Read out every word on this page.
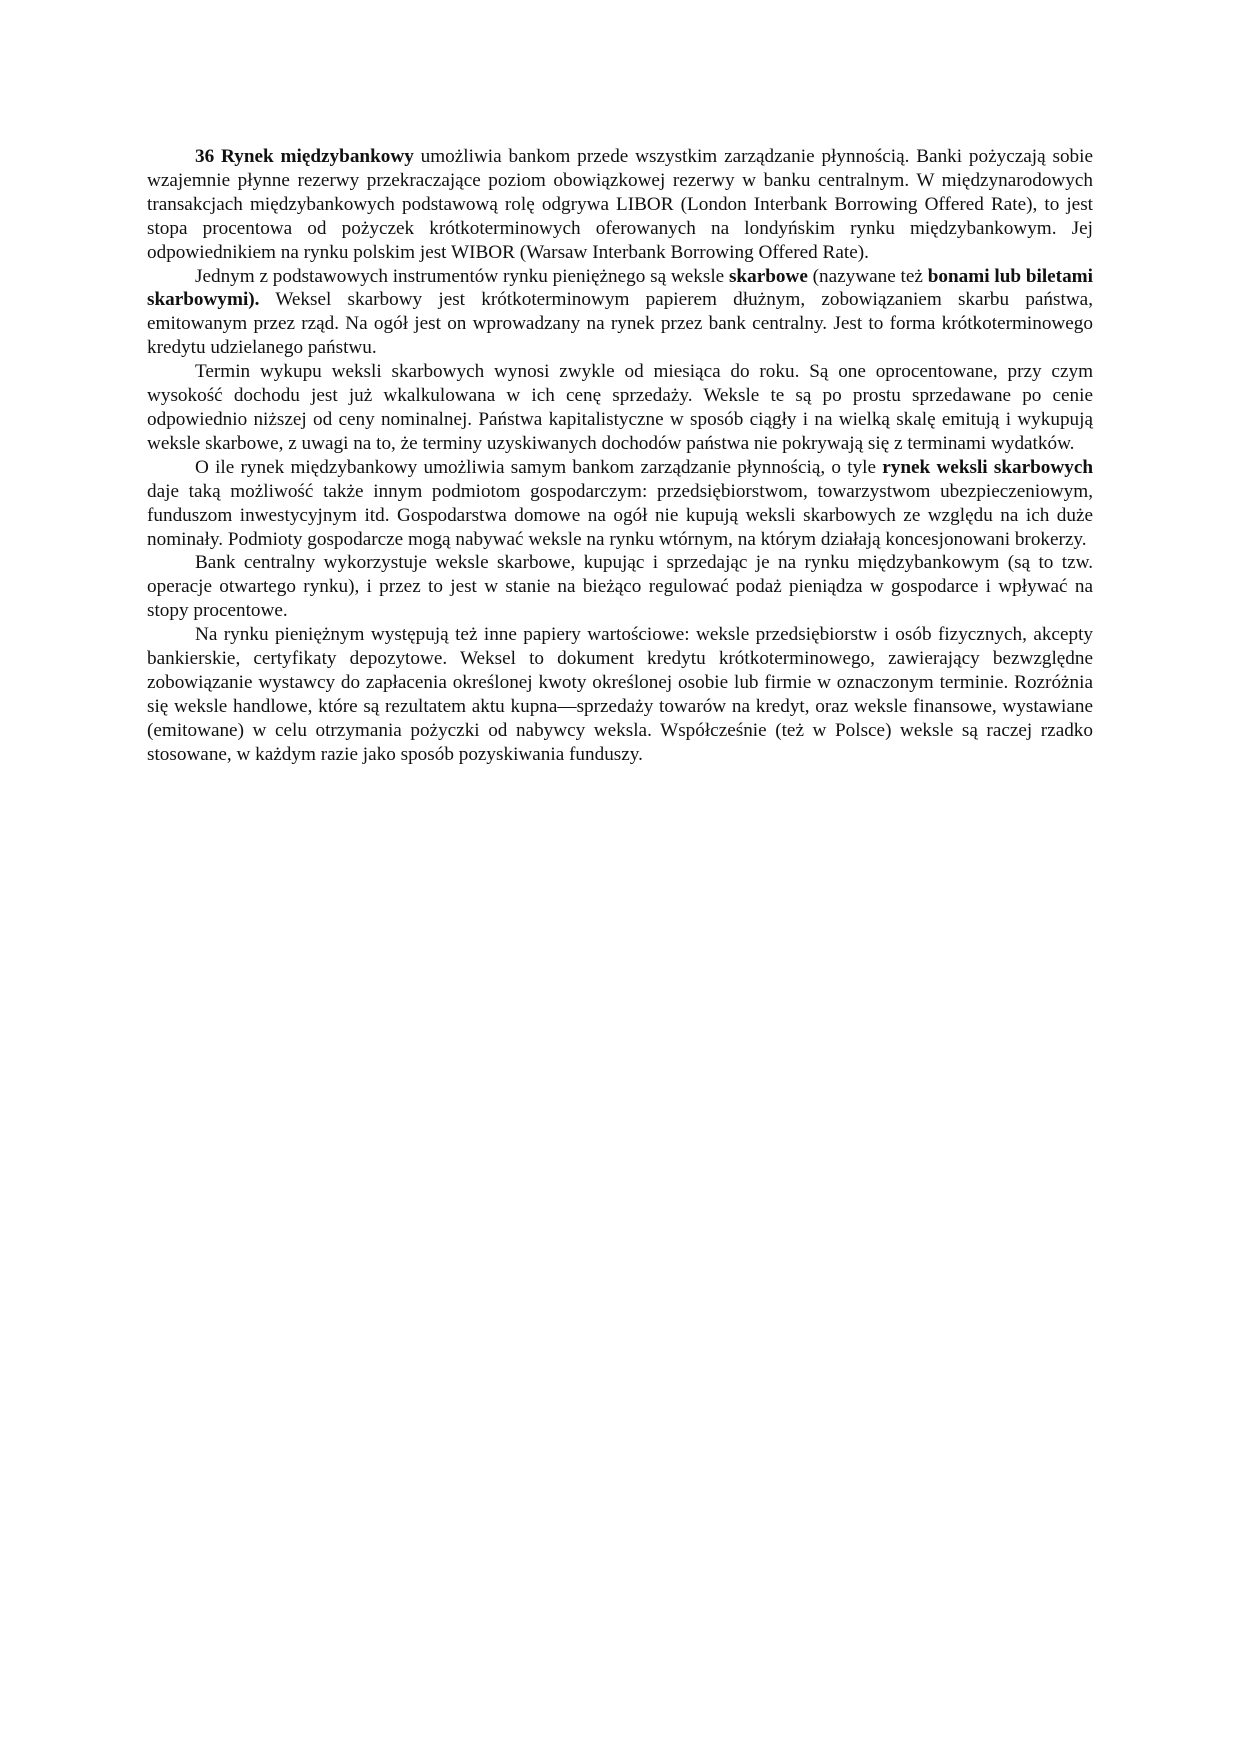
36 Rynek międzybankowy umożliwia bankom przede wszystkim zarządzanie płynnością. Banki pożyczają sobie wzajemnie płynne rezerwy przekraczające poziom obowiązkowej rezerwy w banku centralnym. W międzynarodowych transakcjach międzybankowych podstawową rolę odgrywa LIBOR (London Interbank Borrowing Offered Rate), to jest stopa procentowa od pożyczek krótkoterminowych oferowanych na londyńskim rynku międzybankowym. Jej odpowiednikiem na rynku polskim jest WIBOR (Warsaw Interbank Borrowing Offered Rate).

Jednym z podstawowych instrumentów rynku pieniężnego są weksle skarbowe (nazywane też bonami lub biletami skarbowymi). Weksel skarbowy jest krótkoterminowym papierem dłużnym, zobowiązaniem skarbu państwa, emitowanym przez rząd. Na ogół jest on wprowadzany na rynek przez bank centralny. Jest to forma krótkoterminowego kredytu udzielanego państwu.

Termin wykupu weksli skarbowych wynosi zwykle od miesiąca do roku. Są one oprocentowane, przy czym wysokość dochodu jest już wkalkulowana w ich cenę sprzedaży. Weksle te są po prostu sprzedawane po cenie odpowiednio niższej od ceny nominalnej. Państwa kapitalistyczne w sposób ciągły i na wielką skalę emitują i wykupują weksle skarbowe, z uwagi na to, że terminy uzyskiwanych dochodów państwa nie pokrywają się z terminami wydatków.

O ile rynek międzybankowy umożliwia samym bankom zarządzanie płynnością, o tyle rynek weksli skarbowych daje taką możliwość także innym podmiotom gospodarczym: przedsiębiorstwom, towarzystwom ubezpieczeniowym, funduszom inwestycyjnym itd. Gospodarstwa domowe na ogół nie kupują weksli skarbowych ze względu na ich duże nominały. Podmioty gospodarcze mogą nabywać weksle na rynku wtórnym, na którym działają koncesjonowani brokerzy.

Bank centralny wykorzystuje weksle skarbowe, kupując i sprzedając je na rynku międzybankowym (są to tzw. operacje otwartego rynku), i przez to jest w stanie na bieżąco regulować podaż pieniądza w gospodarce i wpływać na stopy procentowe.

Na rynku pieniężnym występują też inne papiery wartościowe: weksle przedsiębiorstw i osób fizycznych, akcepty bankierskie, certyfikaty depozytowe. Weksel to dokument kredytu krótkoterminowego, zawierający bezwzględne zobowiązanie wystawcy do zapłacenia określonej kwoty określonej osobie lub firmie w oznaczonym terminie. Rozróżnia się weksle handlowe, które są rezultatem aktu kupna—sprzedaży towarów na kredyt, oraz weksle finansowe, wystawiane (emitowane) w celu otrzymania pożyczki od nabywcy weksla. Współcześnie (też w Polsce) weksle są raczej rzadko stosowane, w każdym razie jako sposób pozyskiwania funduszy.
